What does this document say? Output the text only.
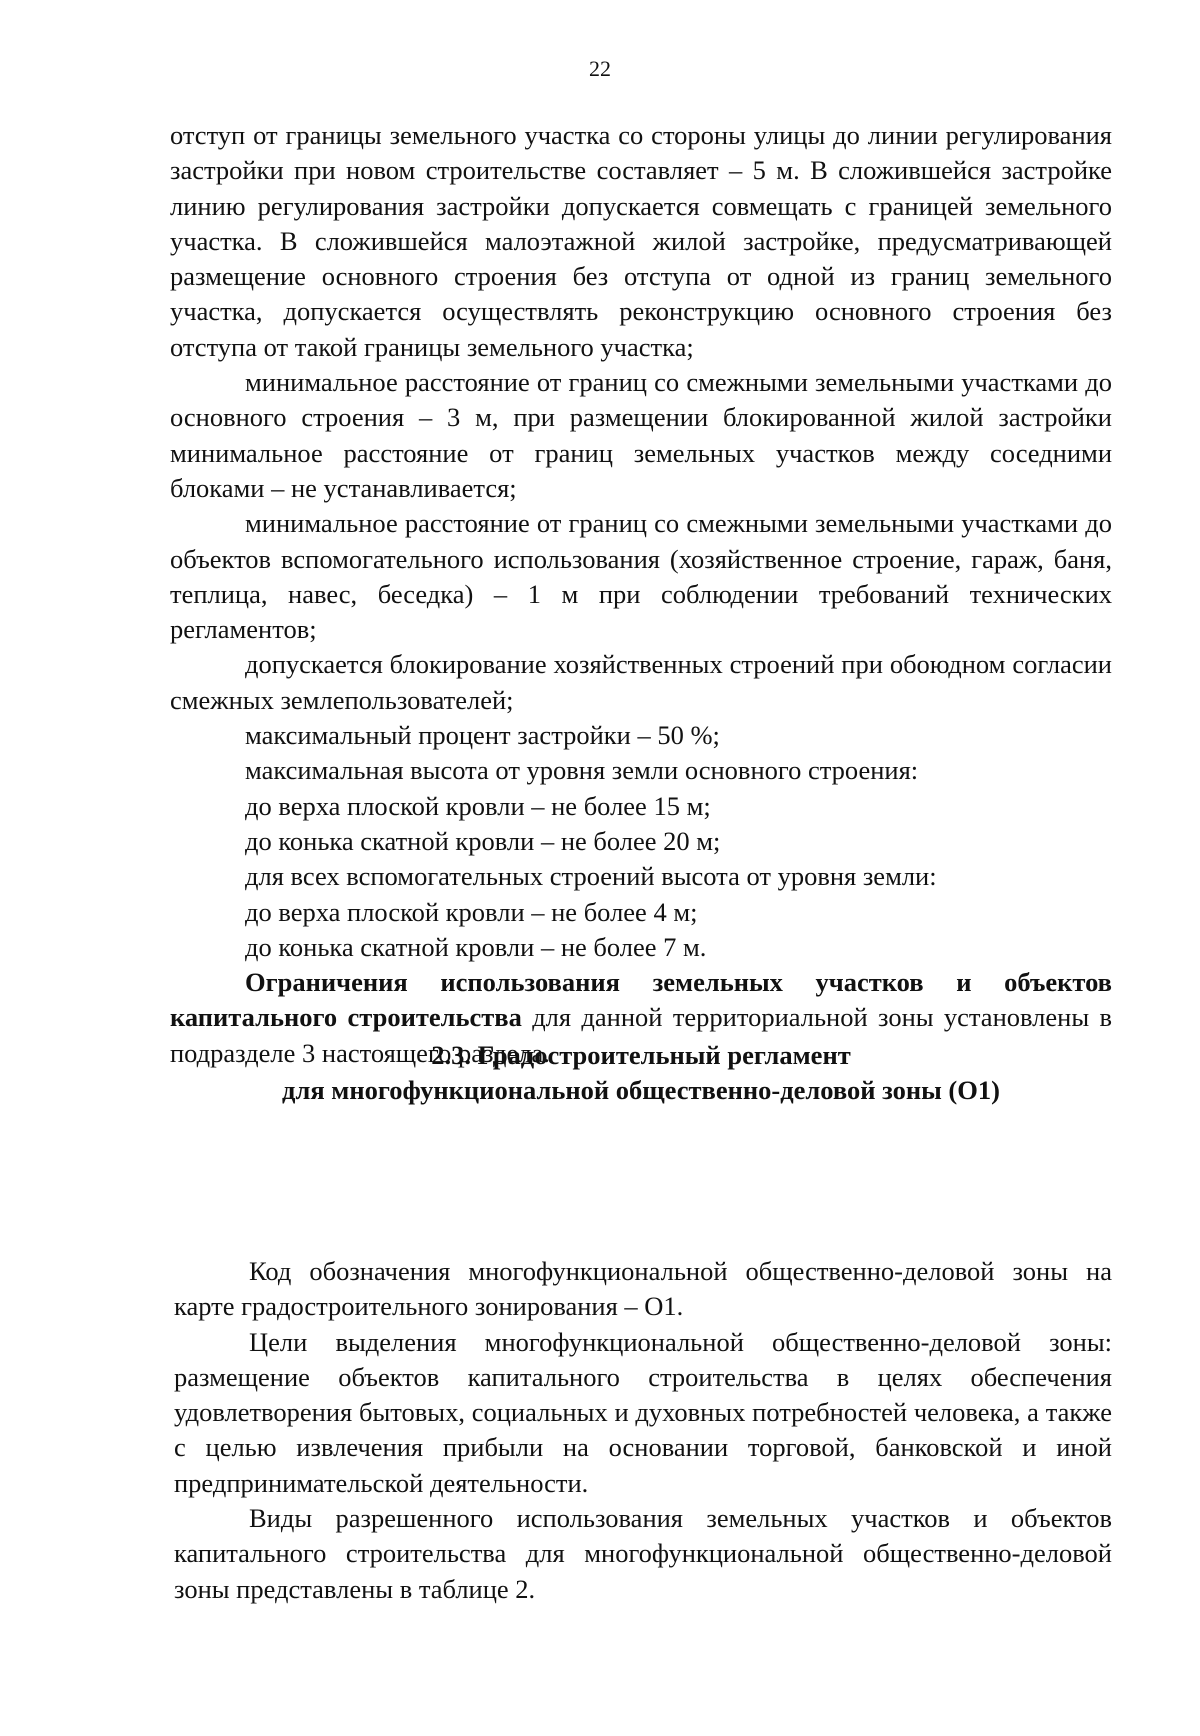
22

отступ от границы земельного участка со стороны улицы до линии регулирования застройки при новом строительстве составляет – 5 м. В сложившейся застройке линию регулирования застройки допускается совмещать с границей земельного участка. В сложившейся малоэтажной жилой застройке, предусматривающей размещение основного строения без отступа от одной из границ земельного участка, допускается осуществлять реконструкцию основного строения без отступа от такой границы земельного участка;

минимальное расстояние от границ со смежными земельными участками до основного строения – 3 м, при размещении блокированной жилой застройки минимальное расстояние от границ земельных участков между соседними блоками – не устанавливается;

минимальное расстояние от границ со смежными земельными участками до объектов вспомогательного использования (хозяйственное строение, гараж, баня, теплица, навес, беседка) – 1 м при соблюдении требований технических регламентов;

допускается блокирование хозяйственных строений при обоюдном согласии смежных землепользователей;

максимальный процент застройки – 50 %;

максимальная высота от уровня земли основного строения:

до верха плоской кровли – не более 15 м;

до конька скатной кровли – не более 20 м;

для всех вспомогательных строений высота от уровня земли:

до верха плоской кровли – не более 4 м;

до конька скатной кровли – не более 7 м.

Ограничения использования земельных участков и объектов капитального строительства для данной территориальной зоны установлены в подразделе 3 настоящего раздела.

2.3. Градостроительный регламент

для многофункциональной общественно-деловой зоны (О1)

Код обозначения многофункциональной общественно-деловой зоны на карте градостроительного зонирования – О1.

Цели выделения многофункциональной общественно-деловой зоны: размещение объектов капитального строительства в целях обеспечения удовлетворения бытовых, социальных и духовных потребностей человека, а также с целью извлечения прибыли на основании торговой, банковской и иной предпринимательской деятельности.

Виды разрешенного использования земельных участков и объектов капитального строительства для многофункциональной общественно-деловой зоны представлены в таблице 2.
